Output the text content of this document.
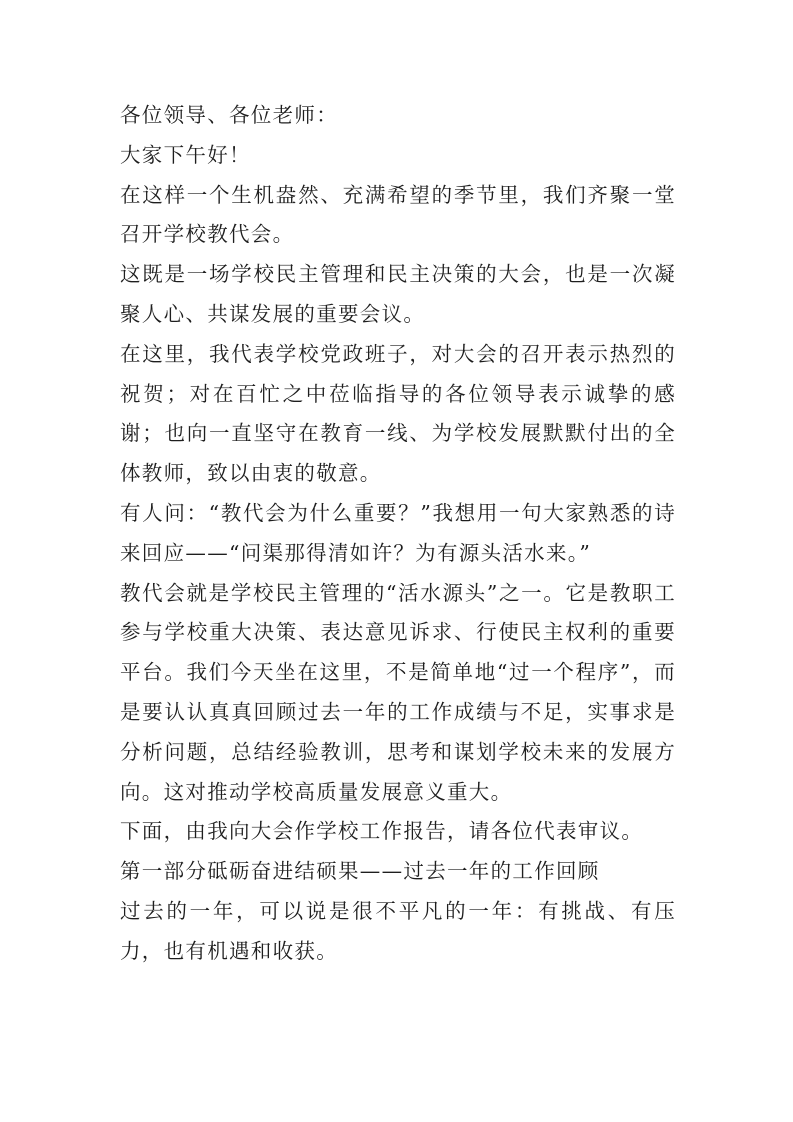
各位领导、各位老师：

大家下午好！

在这样一个生机盎然、充满希望的季节里，我们齐聚一堂召开学校教代会。

这既是一场学校民主管理和民主决策的大会，也是一次凝聚人心、共谋发展的重要会议。

在这里，我代表学校党政班子，对大会的召开表示热烈的祝贺；对在百忙之中莅临指导的各位领导表示诚挚的感谢；也向一直坚守在教育一线、为学校发展默默付出的全体教师，致以由衷的敬意。

有人问：“教代会为什么重要？”我想用一句大家熟悉的诗来回应——“问渠那得清如许？为有源头活水来。”

教代会就是学校民主管理的“活水源头”之一。它是教职工参与学校重大决策、表达意见诉求、行使民主权利的重要平台。我们今天坐在这里，不是简单地“过一个程序”，而是要认认真真回顾过去一年的工作成绩与不足，实事求是分析问题，总结经验教训，思考和谋划学校未来的发展方向。这对推动学校高质量发展意义重大。

下面，由我向大会作学校工作报告，请各位代表审议。

第一部分砥砺奋进结硕果——过去一年的工作回顾

过去的一年，可以说是很不平凡的一年：有挑战、有压力，也有机遇和收获。
